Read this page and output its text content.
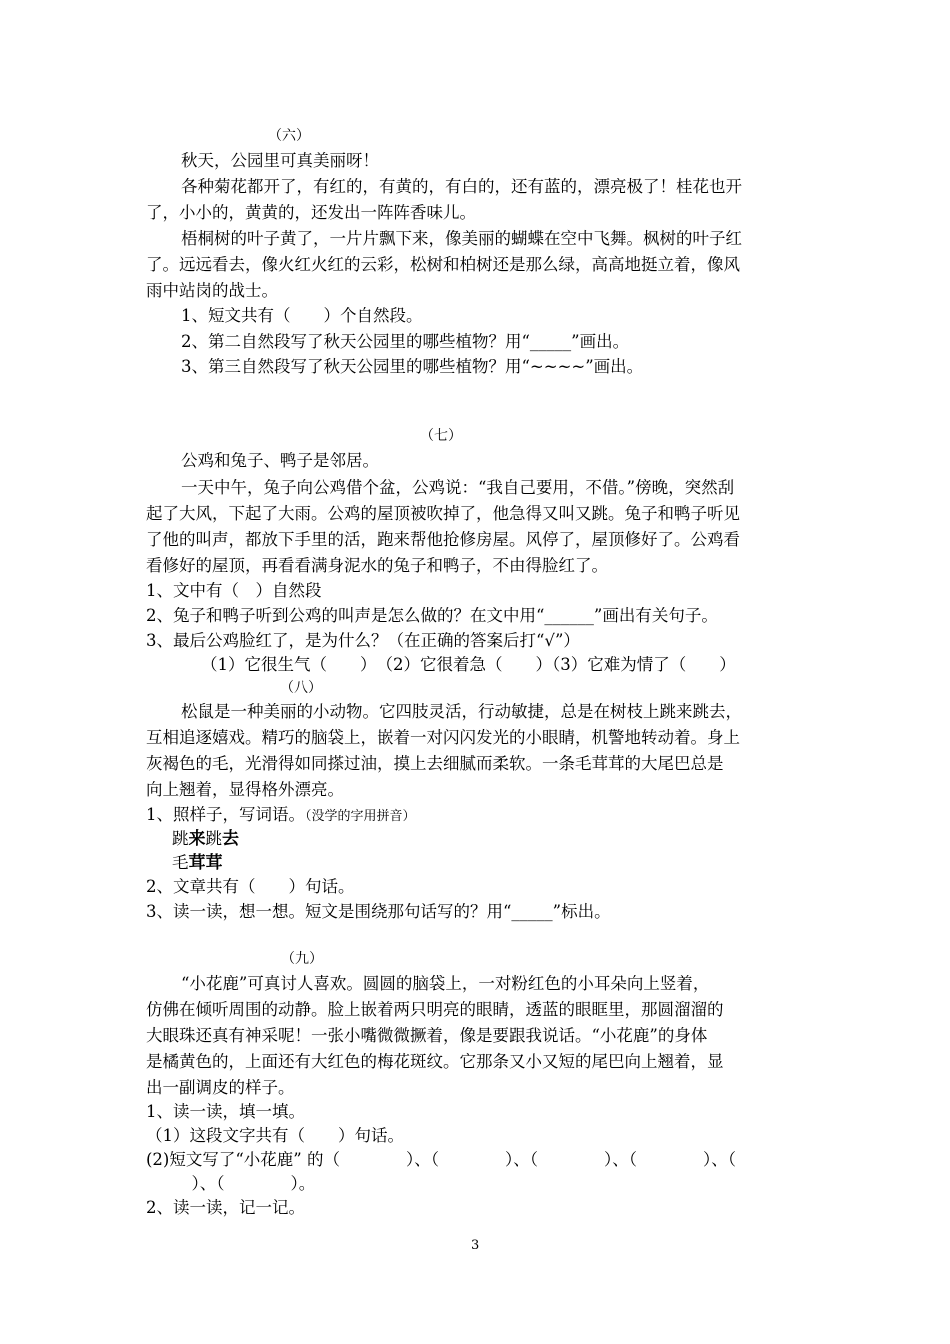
（六）
秋天，公园里可真美丽呀！
各种菊花都开了，有红的，有黄的，有白的，还有蓝的，漂亮极了！桂花也开
了，小小的，黄黄的，还发出一阵阵香味儿。
梧桐树的叶子黄了，一片片飘下来，像美丽的蝴蝶在空中飞舞。枫树的叶子红
了。远远看去，像火红火红的云彩，松树和柏树还是那么绿，高高地挺立着，像风
雨中站岗的战士。
1、短文共有（　　）个自然段。
2、第二自然段写了秋天公园里的哪些植物？用“_____”画出。
3、第三自然段写了秋天公园里的哪些植物？用“~~~~”画出。
（七）
公鸡和兔子、鸭子是邻居。
一天中午，兔子向公鸡借个盆，公鸡说：“我自己要用，不借。”傍晚，突然刮
起了大风，下起了大雨。公鸡的屋顶被吹掉了，他急得又叫又跳。兔子和鸭子听见
了他的叫声，都放下手里的活，跑来帮他抢修房屋。风停了，屋顶修好了。公鸡看
看修好的屋顶，再看看满身泥水的兔子和鸭子，不由得脸红了。
1、文中有（　）自然段
2、兔子和鸭子听到公鸡的叫声是怎么做的？在文中用“______”画出有关句子。
3、最后公鸡脸红了，是为什么？（在正确的答案后打“√”）
（1）它很生气（　　）　（2）它很着急（　　）（3）它难为情了（　　）
（八）
松鼠是一种美丽的小动物。它四肢灵活，行动敏捷，总是在树枝上跳来跳去，
互相追逐嬉戏。精巧的脑袋上，嵌着一对闪闪发光的小眼睛，机警地转动着。身上
灰褐色的毛，光滑得如同搽过油，摸上去细腻而柔软。一条毛茸茸的大尾巴总是
向上翘着，显得格外漂亮。
1、照样子，写词语。（没学的字用拼音）
跳来跳去
毛茸茸
2、文章共有（　　）句话。
3、读一读，想一想。短文是围绕那句话写的？用“_____”标出。
（九）
“小花鹿”可真讨人喜欢。圆圆的脑袋上，一对粉红色的小耳朵向上竖着，
仿佛在倾听周围的动静。脸上嵌着两只明亮的眼睛，透蓝的眼眶里，那圆溜溜的
大眼珠还真有神采呢！一张小嘴微微撅着，像是要跟我说话。“小花鹿”的身体
是橘黄色的，上面还有大红色的梅花斑纹。它那条又小又短的尾巴向上翘着，显
出一副调皮的样子。
1、读一读，填一填。
（1）这段文字共有（　　）句话。
(2)短文写了“小花鹿” 的（　　　　）、（　　　　）、（　　　　）、（　　　　）、（
　）、（　　　　）。
2、读一读，记一记。
3
